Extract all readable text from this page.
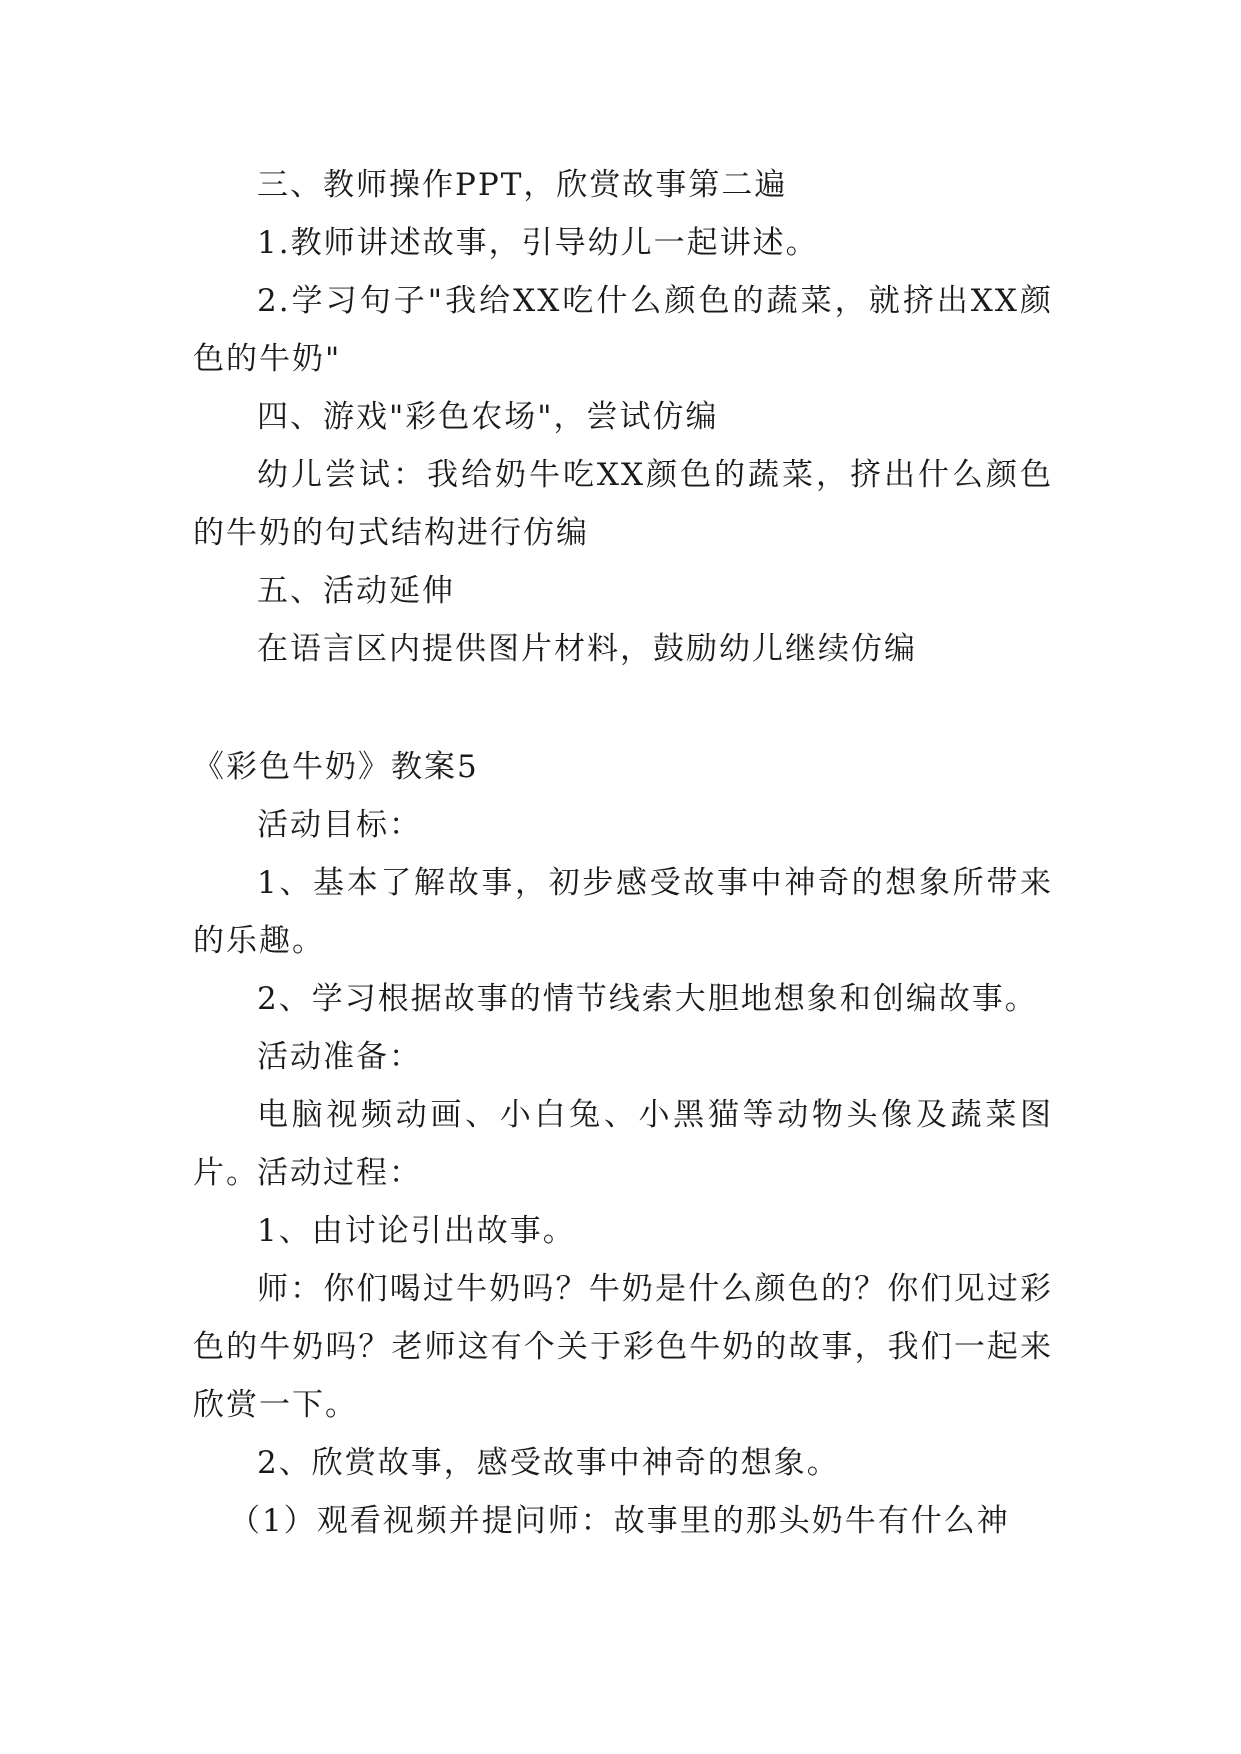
三、教师操作PPT，欣赏故事第二遍

1.教师讲述故事，引导幼儿一起讲述。

2.学习句子"我给XX吃什么颜色的蔬菜，就挤出XX颜色的牛奶"

四、游戏"彩色农场"，尝试仿编

幼儿尝试：我给奶牛吃XX颜色的蔬菜，挤出什么颜色的牛奶的句式结构进行仿编

五、活动延伸

在语言区内提供图片材料，鼓励幼儿继续仿编

《彩色牛奶》教案5

活动目标：

1、基本了解故事，初步感受故事中神奇的想象所带来的乐趣。

2、学习根据故事的情节线索大胆地想象和创编故事。

活动准备：

电脑视频动画、小白兔、小黑猫等动物头像及蔬菜图片。

活动过程：

1、由讨论引出故事。

师：你们喝过牛奶吗？牛奶是什么颜色的？你们见过彩色的牛奶吗？老师这有个关于彩色牛奶的故事，我们一起来欣赏一下。

2、欣赏故事，感受故事中神奇的想象。

（1）观看视频并提问师：故事里的那头奶牛有什么神
